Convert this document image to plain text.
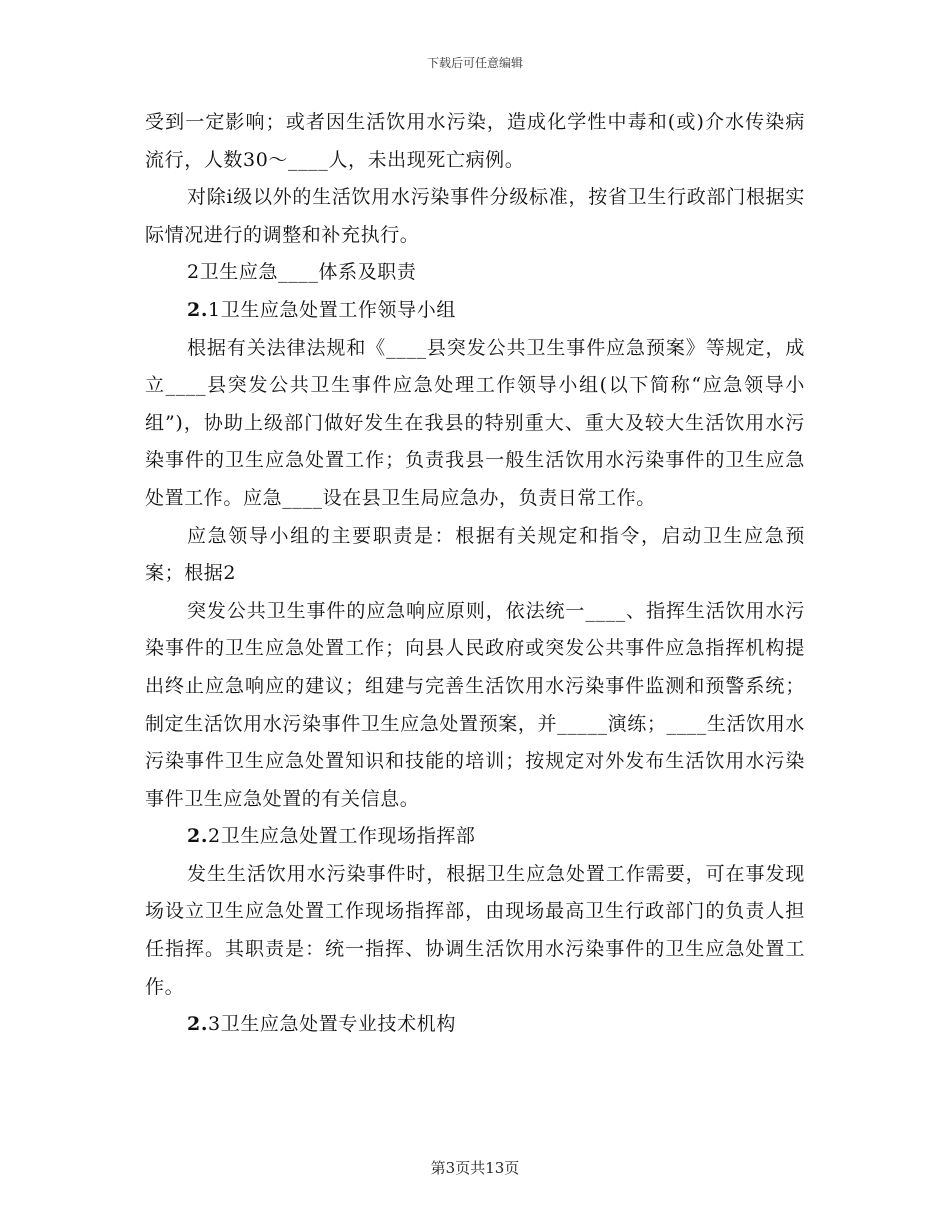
下载后可任意编辑

受到一定影响；或者因生活饮用水污染，造成化学性中毒和(或)介水传染病流行，人数30～____人，未出现死亡病例。

对除i级以外的生活饮用水污染事件分级标准，按省卫生行政部门根据实际情况进行的调整和补充执行。

2卫生应急____体系及职责

2.1卫生应急处置工作领导小组

根据有关法律法规和《____县突发公共卫生事件应急预案》等规定，成立____县突发公共卫生事件应急处理工作领导小组(以下简称“应急领导小组”)，协助上级部门做好发生在我县的特别重大、重大及较大生活饮用水污染事件的卫生应急处置工作；负责我县一般生活饮用水污染事件的卫生应急处置工作。应急____设在县卫生局应急办，负责日常工作。

应急领导小组的主要职责是：根据有关规定和指令，启动卫生应急预案；根据2

突发公共卫生事件的应急响应原则，依法统一____、指挥生活饮用水污染事件的卫生应急处置工作；向县人民政府或突发公共事件应急指挥机构提出终止应急响应的建议；组建与完善生活饮用水污染事件监测和预警系统；制定生活饮用水污染事件卫生应急处置预案，并_____演练；____生活饮用水污染事件卫生应急处置知识和技能的培训；按规定对外发布生活饮用水污染事件卫生应急处置的有关信息。

2.2卫生应急处置工作现场指挥部

发生生活饮用水污染事件时，根据卫生应急处置工作需要，可在事发现场设立卫生应急处置工作现场指挥部，由现场最高卫生行政部门的负责人担任指挥。其职责是：统一指挥、协调生活饮用水污染事件的卫生应急处置工作。

2.3卫生应急处置专业技术机构

第3页共13页
